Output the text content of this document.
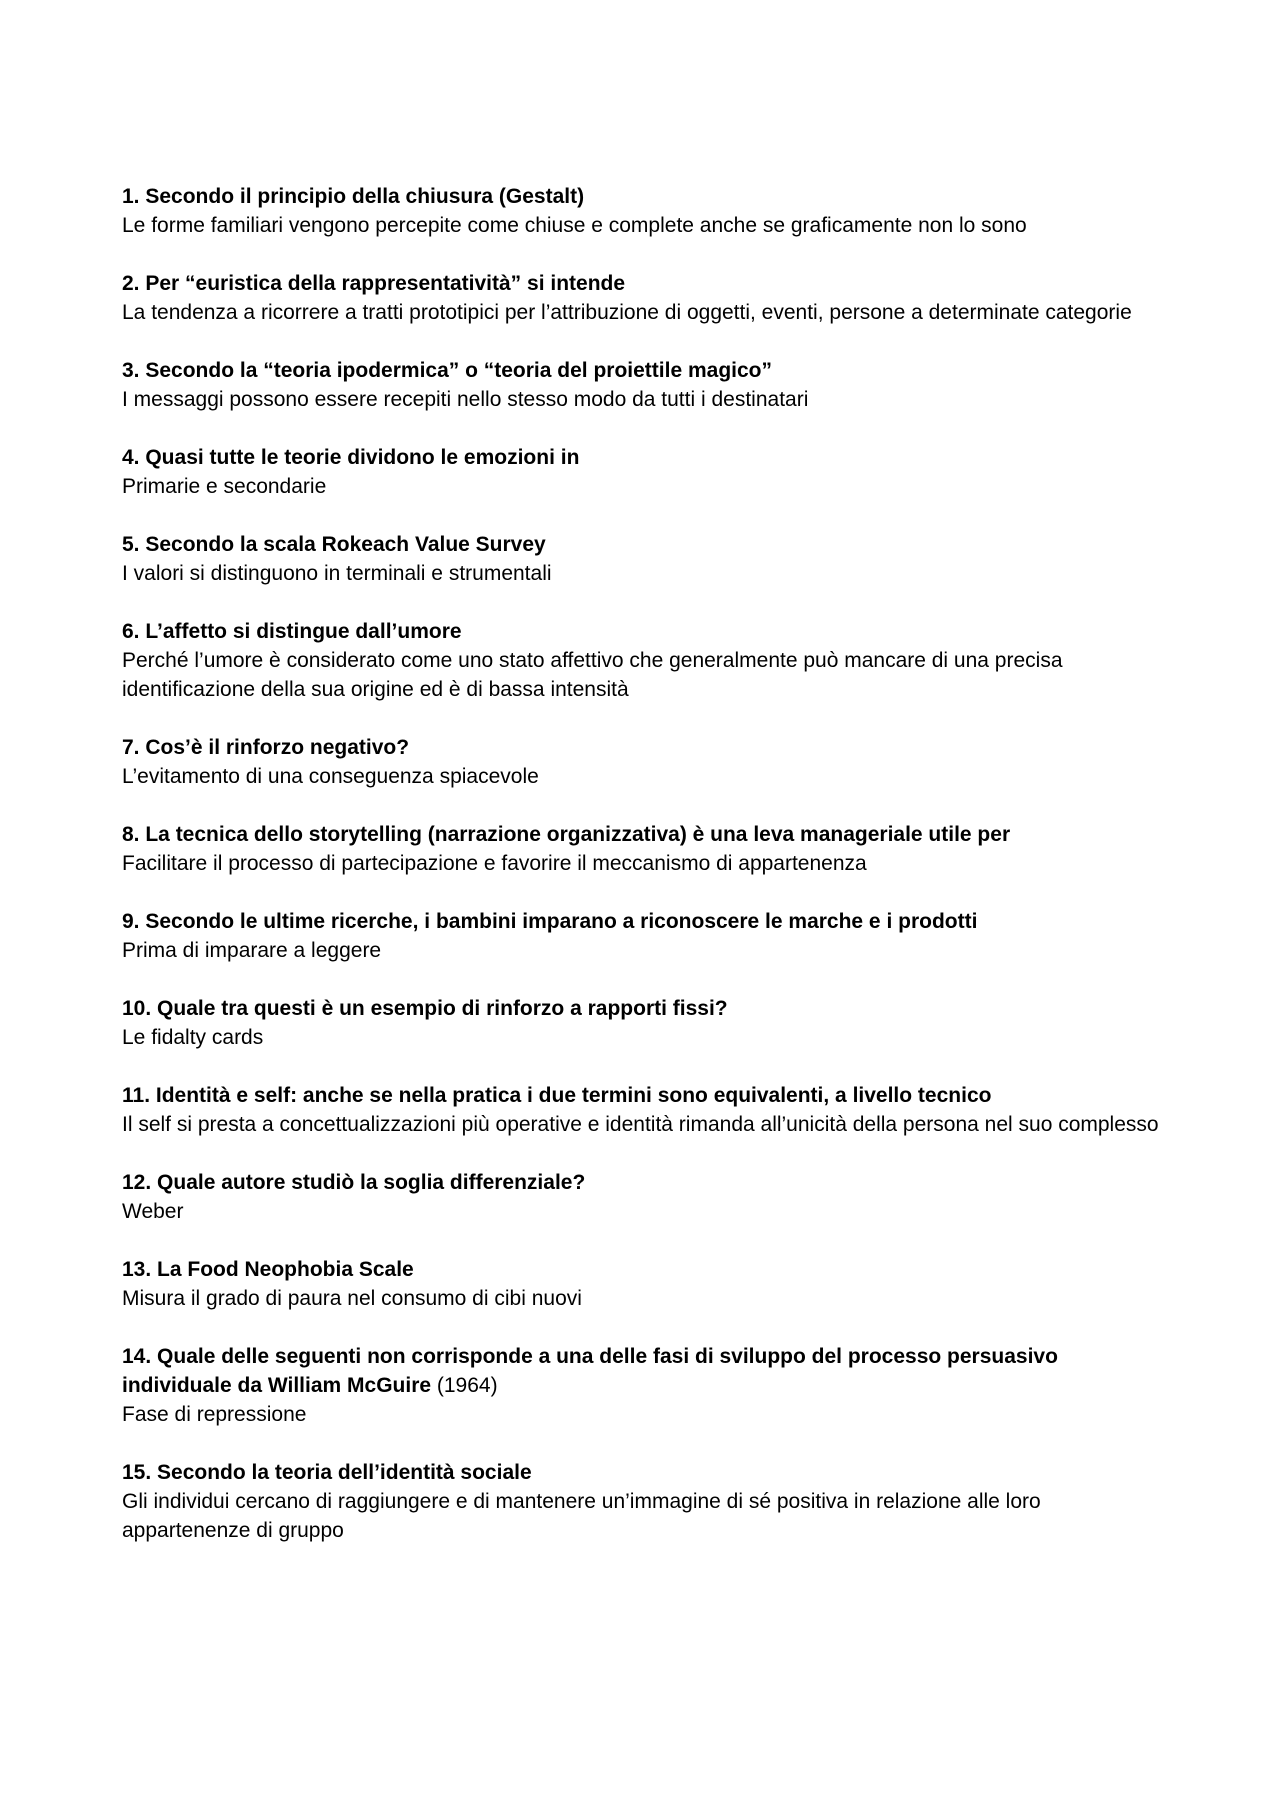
1. Secondo il principio della chiusura (Gestalt)

Le forme familiari vengono percepite come chiuse e complete anche se graficamente non lo sono

2. Per “euristica della rappresentatività” si intende

La tendenza a ricorrere a tratti prototipici per l’attribuzione di oggetti, eventi, persone a determinate categorie

3. Secondo la “teoria ipodermica” o “teoria del proiettile magico”

I messaggi possono essere recepiti nello stesso modo da tutti i destinatari

4. Quasi tutte le teorie dividono le emozioni in

Primarie e secondarie

5. Secondo la scala Rokeach Value Survey

I valori si distinguono in terminali e strumentali

6. L’affetto si distingue dall’umore

Perché l’umore è considerato come uno stato affettivo che generalmente può mancare di una precisa identificazione della sua origine ed è di bassa intensità

7. Cos’è il rinforzo negativo?

L’evitamento di una conseguenza spiacevole

8. La tecnica dello storytelling (narrazione organizzativa) è una leva manageriale utile per

Facilitare il processo di partecipazione e favorire il meccanismo di appartenenza

9. Secondo le ultime ricerche, i bambini imparano a riconoscere le marche e i prodotti

Prima di imparare a leggere

10. Quale tra questi è un esempio di rinforzo a rapporti fissi?

Le fidalty cards

11. Identità e self: anche se nella pratica i due termini sono equivalenti, a livello tecnico

Il self si presta a concettualizzazioni più operative e identità rimanda all’unicità della persona nel suo complesso

12. Quale autore studiò la soglia differenziale?

Weber

13. La Food Neophobia Scale

Misura il grado di paura nel consumo di cibi nuovi

14. Quale delle seguenti non corrisponde a una delle fasi di sviluppo del processo persuasivo individuale da William McGuire (1964)

Fase di repressione

15. Secondo la teoria dell’identità sociale

Gli individui cercano di raggiungere e di mantenere un’immagine di sé positiva in relazione alle loro appartenenze di gruppo
